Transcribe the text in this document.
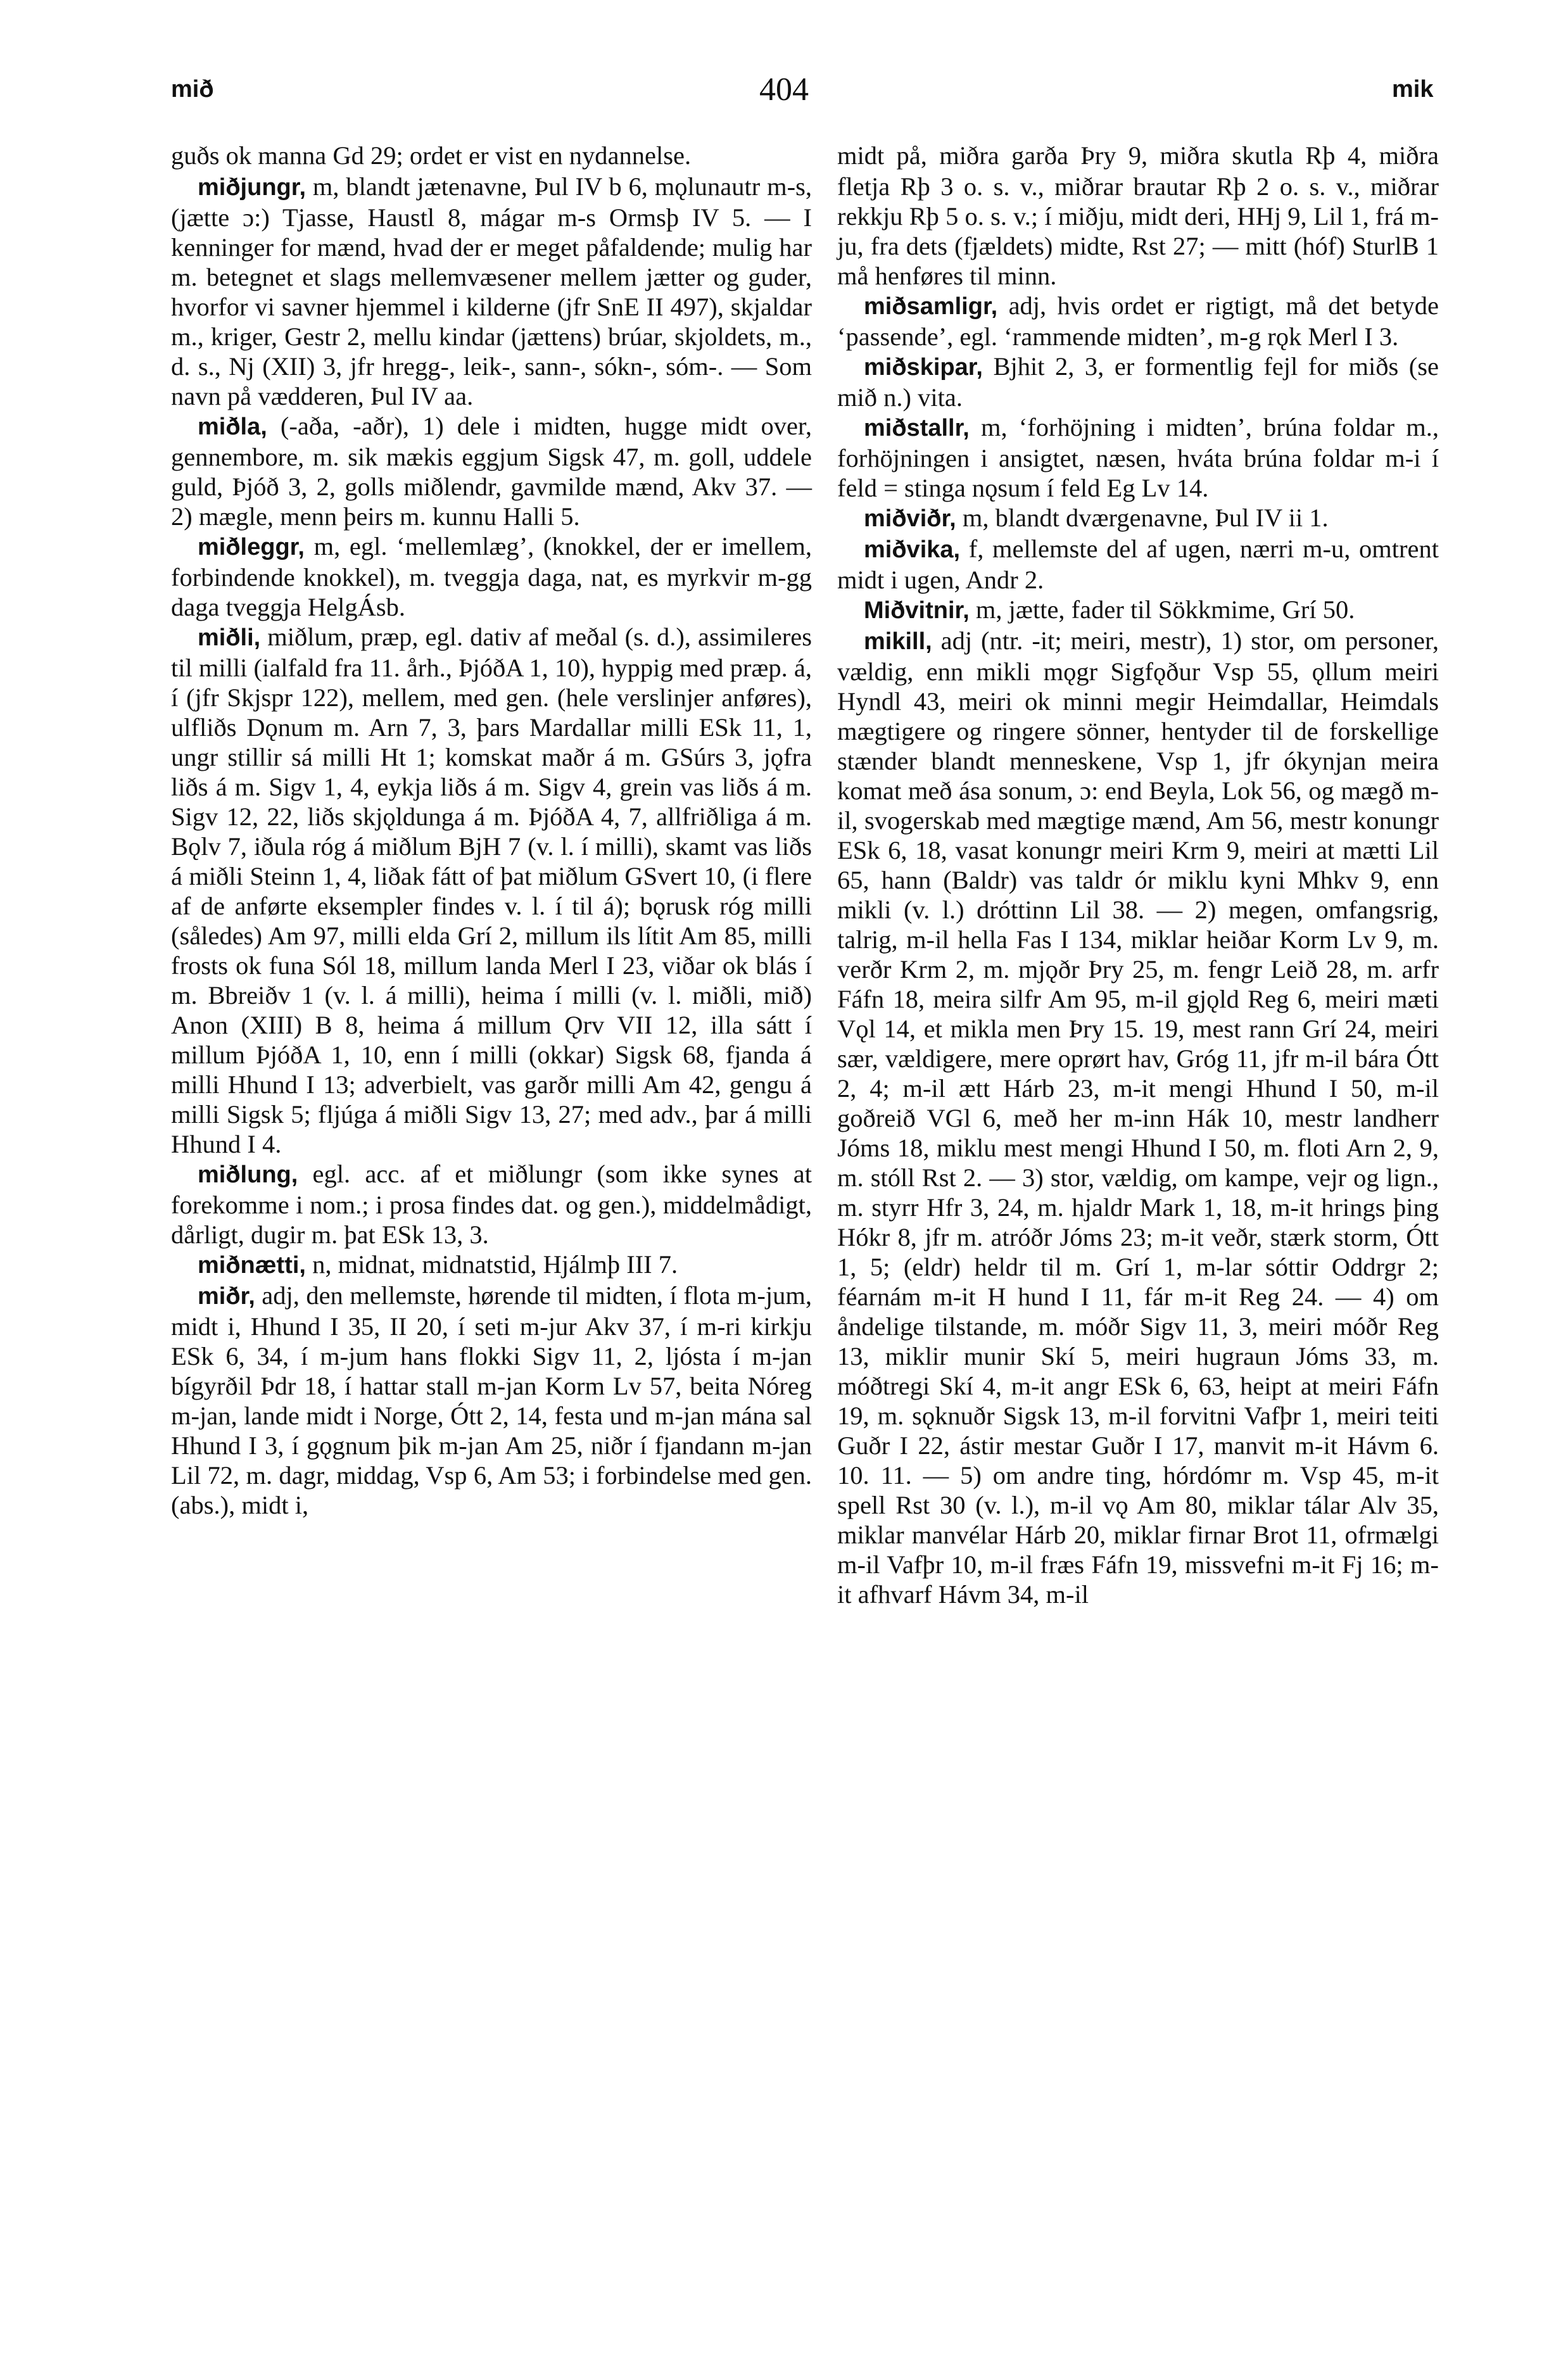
mið	404	mik

guðs ok manna Gd 29; ordet er vist en nydannelse.

miðjungr, m, blandt jætenavne, Þul IV b 6, mǫlunautr m-s, (jætte ɔ:) Tjasse, Haustl 8, mágar m-s Ormsþ IV 5. — I kenninger for mænd, hvad der er meget påfaldende; mulig har m. betegnet et slags mellemvæsener mellem jætter og guder, hvorfor vi savner hjemmel i kilderne (jfr SnE II 497), skjaldar m., kriger, Gestr 2, mellu kindar (jættens) brúar, skjoldets, m., d. s., Nj (XII) 3, jfr hregg-, leik-, sann-, sókn-, sóm-. — Som navn på vædderen, Þul IV aa.

miðla, (-aða, -aðr), 1) dele i midten, hugge midt over, gennembore, m. sik mækis eggjum Sigsk 47, m. goll, uddele guld, Þjóð 3, 2, golls miðlendr, gavmilde mænd, Akv 37. — 2) mægle, menn þeirs m. kunnu Halli 5.

miðleggr, m, egl. ‘mellemlæg’, (knokkel, der er imellem, forbindende knokkel), m. tveggja daga, nat, es myrkvir m-gg daga tveggja HelgÁsb.

miðli, miðlum, præp, egl. dativ af meðal (s. d.), assimileres til milli (ialfald fra 11. årh., ÞjóðA 1, 10), hyppig med præp. á, í (jfr Skjspr 122), mellem, med gen. (hele verslinjer anføres), ulfliðs Dǫnum m. Arn 7, 3, þars Mardallar milli ESk 11, 1, ungr stillir sá milli Ht 1; komskat maðr á m. GSúrs 3, jǫfra liðs á m. Sigv 1, 4, eykja liðs á m. Sigv 4, grein vas liðs á m. Sigv 12, 22, liðs skjǫldunga á m. ÞjóðA 4, 7, allfriðliga á m. Bǫlv 7, iðula róg á miðlum BjH 7 (v. l. í milli), skamt vas liðs á miðli Steinn 1, 4, liðak fátt of þat miðlum GSvert 10, (i flere af de anførte eksempler findes v. l. í til á); bǫrusk róg milli (således) Am 97, milli elda Grí 2, millum ils lítit Am 85, milli frosts ok funa Sól 18, millum landa Merl I 23, viðar ok blás í m. Bbreiðv 1 (v. l. á milli), heima í milli (v. l. miðli, mið) Anon (XIII) B 8, heima á millum Ǫrv VII 12, illa sátt í millum ÞjóðA 1, 10, enn í milli (okkar) Sigsk 68, fjanda á milli Hhund I 13; adverbielt, vas garðr milli Am 42, gengu á milli Sigsk 5; fljúga á miðli Sigv 13, 27; med adv., þar á milli Hhund I 4.

miðlung, egl. acc. af et miðlungr (som ikke synes at forekomme i nom.; i prosa findes dat. og gen.), middelmådigt, dårligt, dugir m. þat ESk 13, 3.

miðnætti, n, midnat, midnatstid, Hjálmþ III 7.

miðr, adj, den mellemste, hørende til midten, í flota m-jum, midt i, Hhund I 35, II 20, í seti m-jur Akv 37, í m-ri kirkju ESk 6, 34, í m-jum hans flokki Sigv 11, 2, ljósta í m-jan bígyrðil Þdr 18, í hattar stall m-jan Korm Lv 57, beita Nóreg m-jan, lande midt i Norge, Ótt 2, 14, festa und m-jan mána sal Hhund I 3, í gǫgnum þik m-jan Am 25, niðr í fjandann m-jan Lil 72, m. dagr, middag, Vsp 6, Am 53; i forbindelse med gen. (abs.), midt i,

midt på, miðra garða Þry 9, miðra skutla Rþ 4, miðra fletja Rþ 3 o. s. v., miðrar brautar Rþ 2 o. s. v., miðrar rekkju Rþ 5 o. s. v.; í miðju, midt deri, HHj 9, Lil 1, frá m-ju, fra dets (fjældets) midte, Rst 27; — mitt (hóf) SturlB 1 må henføres til minn.

miðsamligr, adj, hvis ordet er rigtigt, må det betyde ‘passende’, egl. ‘rammende midten’, m-g rǫk Merl I 3.

miðskipar, Bjhit 2, 3, er formentlig fejl for miðs (se mið n.) vita.

miðstallr, m, ‘forhöjning i midten’, brúna foldar m., forhöjningen i ansigtet, næsen, hváta brúna foldar m-i í feld = stinga nǫsum í feld Eg Lv 14.

miðviðr, m, blandt dværgenavne, Þul IV ii 1.

miðvika, f, mellemste del af ugen, nærri m-u, omtrent midt i ugen, Andr 2.

Miðvitnir, m, jætte, fader til Sökkmime, Grí 50.

mikill, adj (ntr. -it; meiri, mestr), 1) stor, om personer, vældig, enn mikli mǫgr Sigfǫður Vsp 55, ǫllum meiri Hyndl 43, meiri ok minni megir Heimdallar, Heimdals mægtigere og ringere sönner, hentyder til de forskellige stænder blandt menneskene, Vsp 1, jfr ókynjan meira komat með ása sonum, ɔ: end Beyla, Lok 56, og mægð m-il, svogerskab med mægtige mænd, Am 56, mestr konungr ESk 6, 18, vasat konungr meiri Krm 9, meiri at mætti Lil 65, hann (Baldr) vas taldr ór miklu kyni Mhkv 9, enn mikli (v. l.) dróttinn Lil 38. — 2) megen, omfangsrig, talrig, m-il hella Fas I 134, miklar heiðar Korm Lv 9, m. verðr Krm 2, m. mjǫðr Þry 25, m. fengr Leið 28, m. arfr Fáfn 18, meira silfr Am 95, m-il gjǫld Reg 6, meiri mæti Vǫl 14, et mikla men Þry 15. 19, mest rann Grí 24, meiri sær, vældigere, mere oprørt hav, Gróg 11, jfr m-il bára Ótt 2, 4; m-il ætt Hárb 23, m-it mengi Hhund I 50, m-il goðreið VGl 6, með her m-inn Hák 10, mestr landherr Jóms 18, miklu mest mengi Hhund I 50, m. floti Arn 2, 9, m. stóll Rst 2. — 3) stor, vældig, om kampe, vejr og lign., m. styrr Hfr 3, 24, m. hjaldr Mark 1, 18, m-it hrings þing Hókr 8, jfr m. atróðr Jóms 23; m-it veðr, stærk storm, Ótt 1, 5; (eldr) heldr til m. Grí 1, m-lar sóttir Oddrgr 2; féarnám m-it H hund I 11, fár m-it Reg 24. — 4) om åndelige tilstande, m. móðr Sigv 11, 3, meiri móðr Reg 13, miklir munir Skí 5, meiri hugraun Jóms 33, m. móðtregi Skí 4, m-it angr ESk 6, 63, heipt at meiri Fáfn 19, m. sǫknuðr Sigsk 13, m-il forvitni Vafþr 1, meiri teiti Guðr I 22, ástir mestar Guðr I 17, manvit m-it Hávm 6. 10. 11. — 5) om andre ting, hórdómr m. Vsp 45, m-it spell Rst 30 (v. l.), m-il vǫ Am 80, miklar tálar Alv 35, miklar manvélar Hárb 20, miklar firnar Brot 11, ofrmælgi m-il Vafþr 10, m-il fræs Fáfn 19, missvefni m-it Fj 16; m-it afhvarf Hávm 34, m-il
